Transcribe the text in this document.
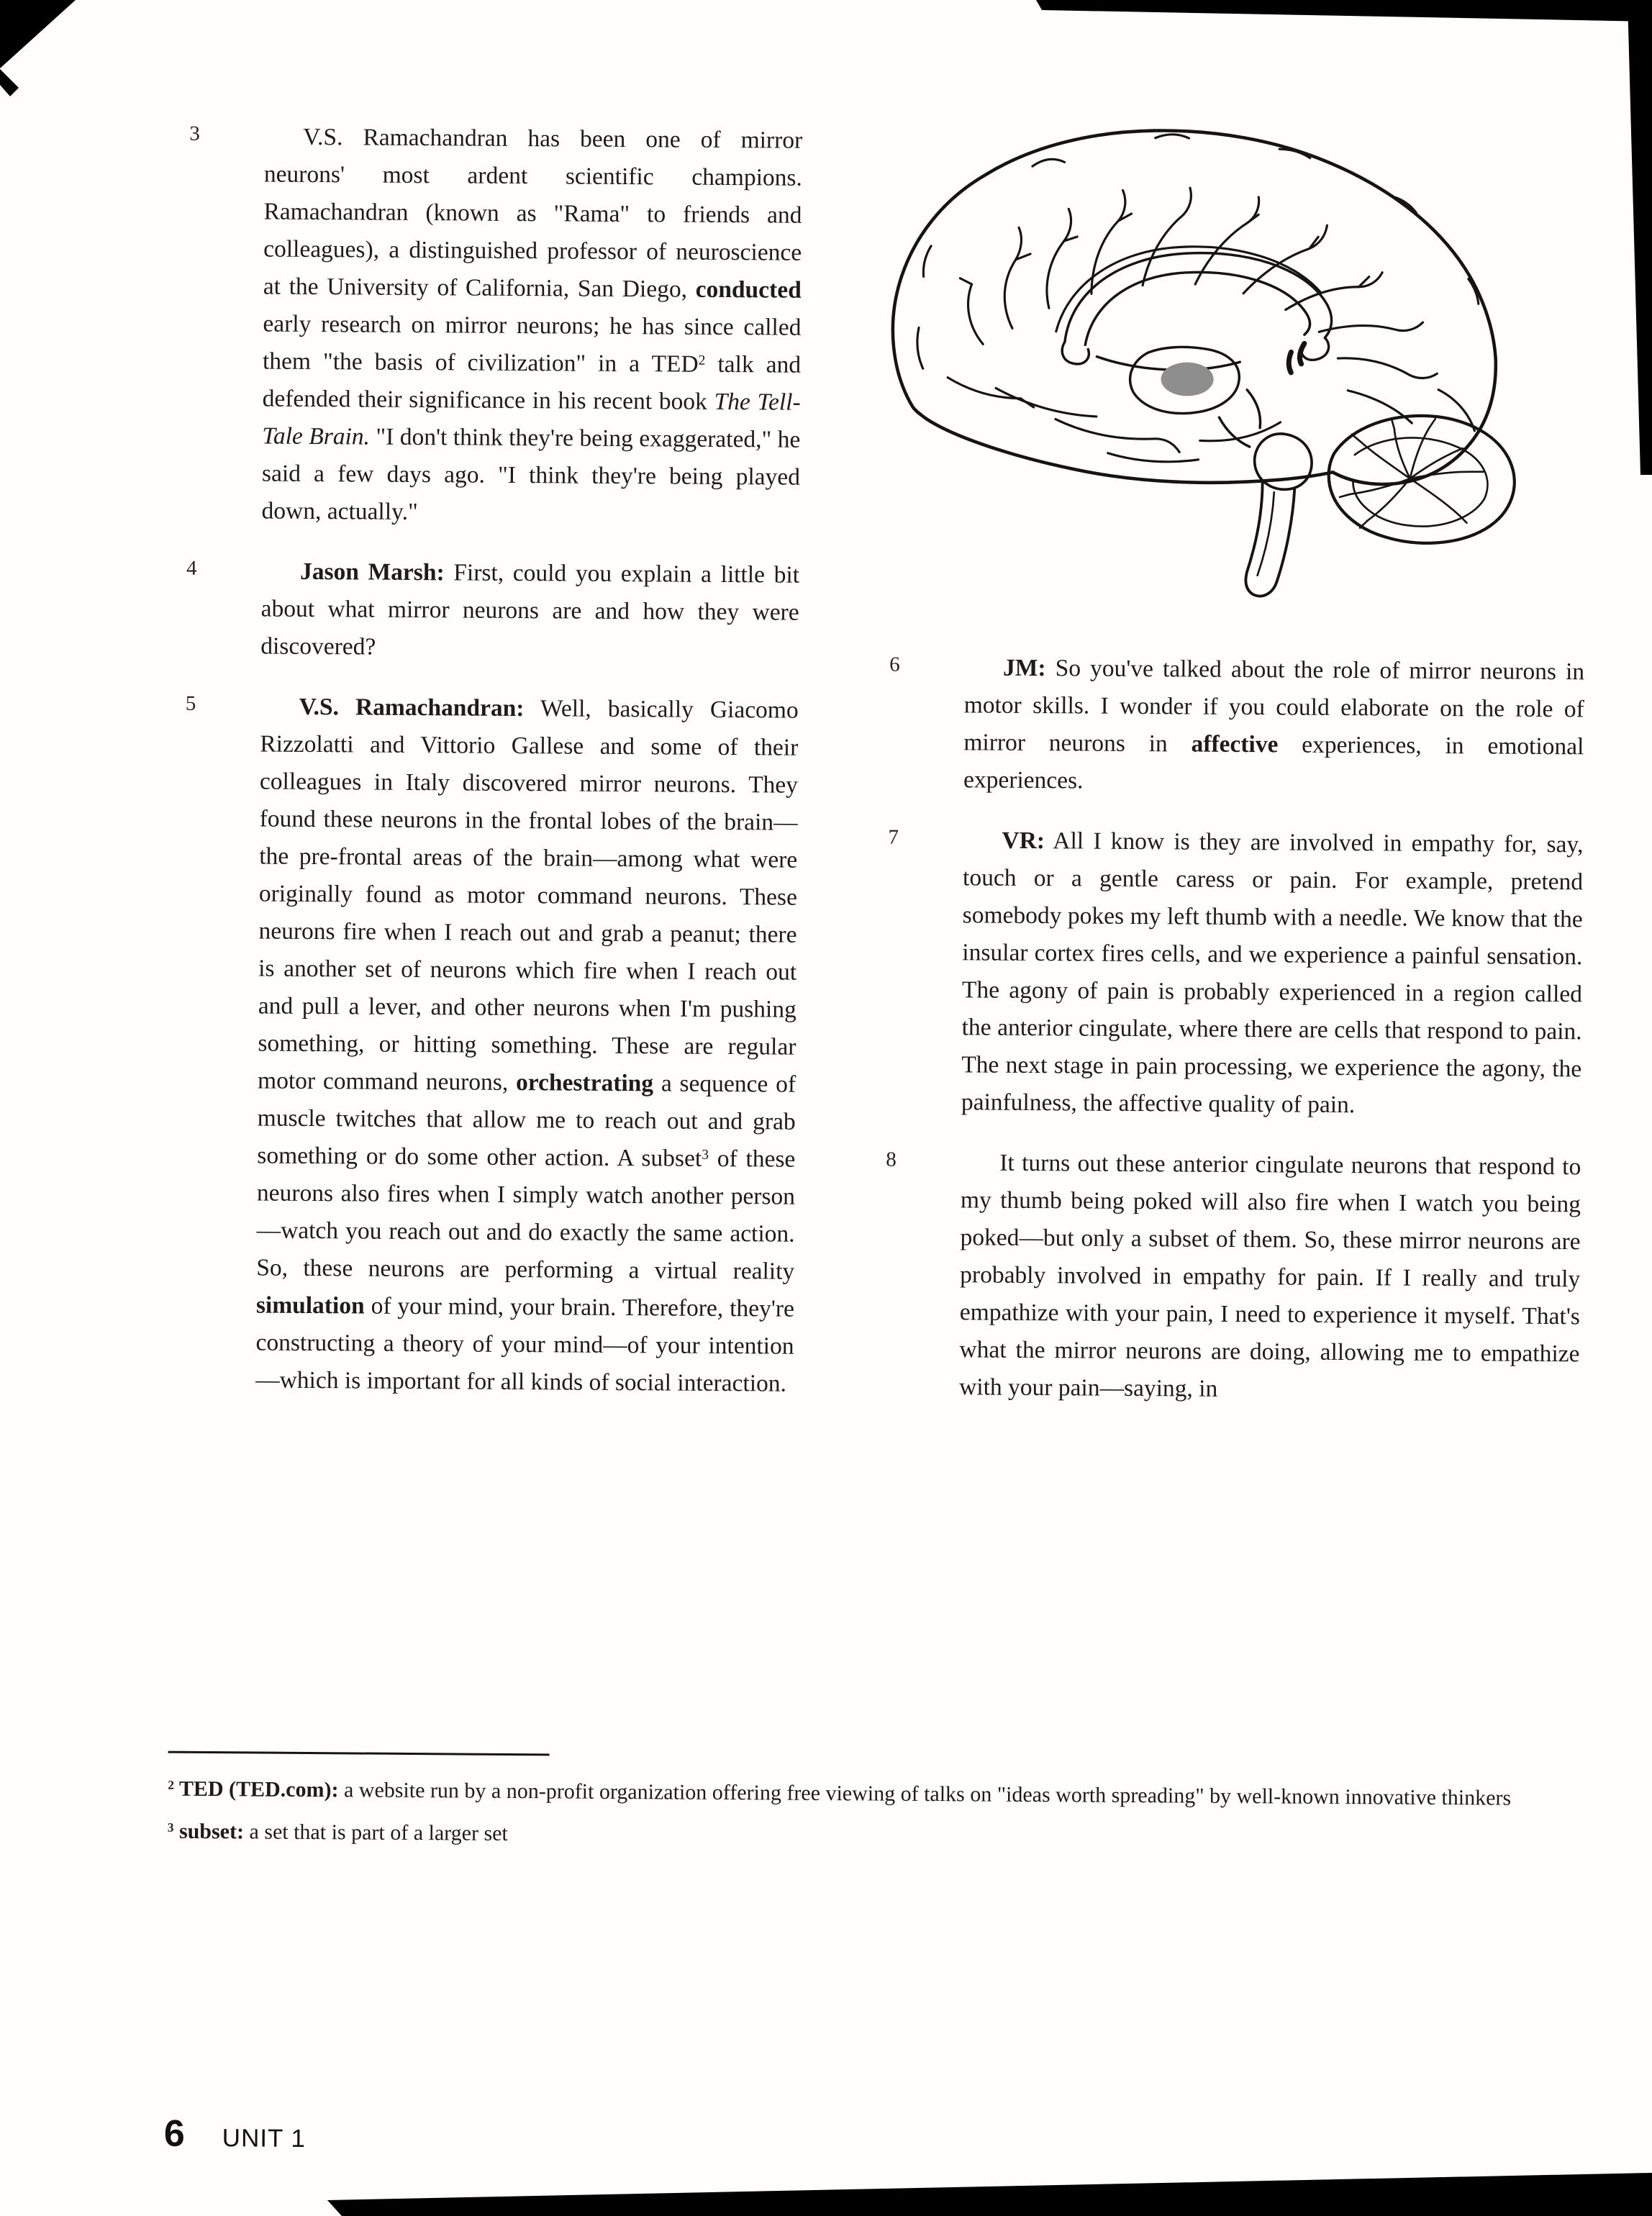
3	V.S. Ramachandran has been one of mirror neurons' most ardent scientific champions. Ramachandran (known as "Rama" to friends and colleagues), a distinguished professor of neuroscience at the University of California, San Diego, conducted early research on mirror neurons; he has since called them "the basis of civilization" in a TED$^2$ talk and defended their significance in his recent book The Tell-Tale Brain. "I don't think they're being exaggerated," he said a few days ago. "I think they're being played down, actually."
4	Jason Marsh: First, could you explain a little bit about what mirror neurons are and how they were discovered?
5	V.S. Ramachandran: Well, basically Giacomo Rizzolatti and Vittorio Gallese and some of their colleagues in Italy discovered mirror neurons. They found these neurons in the frontal lobes of the brain—the pre-frontal areas of the brain—among what were originally found as motor command neurons. These neurons fire when I reach out and grab a peanut; there is another set of neurons which fire when I reach out and pull a lever, and other neurons when I'm pushing something, or hitting something. These are regular motor command neurons, orchestrating a sequence of muscle twitches that allow me to reach out and grab something or do some other action. A subset$^3$ of these neurons also fires when I simply watch another person—watch you reach out and do exactly the same action. So, these neurons are performing a virtual reality simulation of your mind, your brain. Therefore, they're constructing a theory of your mind—of your intention—which is important for all kinds of social interaction.
6	JM: So you've talked about the role of mirror neurons in motor skills. I wonder if you could elaborate on the role of mirror neurons in affective experiences, in emotional experiences.
7	VR: All I know is they are involved in empathy for, say, touch or a gentle caress or pain. For example, pretend somebody pokes my left thumb with a needle. We know that the insular cortex fires cells, and we experience a painful sensation. The agony of pain is probably experienced in a region called the anterior cingulate, where there are cells that respond to pain. The next stage in pain processing, we experience the agony, the painfulness, the affective quality of pain.
8	It turns out these anterior cingulate neurons that respond to my thumb being poked will also fire when I watch you being poked—but only a subset of them. So, these mirror neurons are probably involved in empathy for pain. If I really and truly empathize with your pain, I need to experience it myself. That's what the mirror neurons are doing, allowing me to empathize with your pain—saying, in
$^2$ TED (TED.com): a website run by a non-profit organization offering free viewing of talks on "ideas worth spreading" by well-known innovative thinkers
$^3$ subset: a set that is part of a larger set
6 UNIT 1
